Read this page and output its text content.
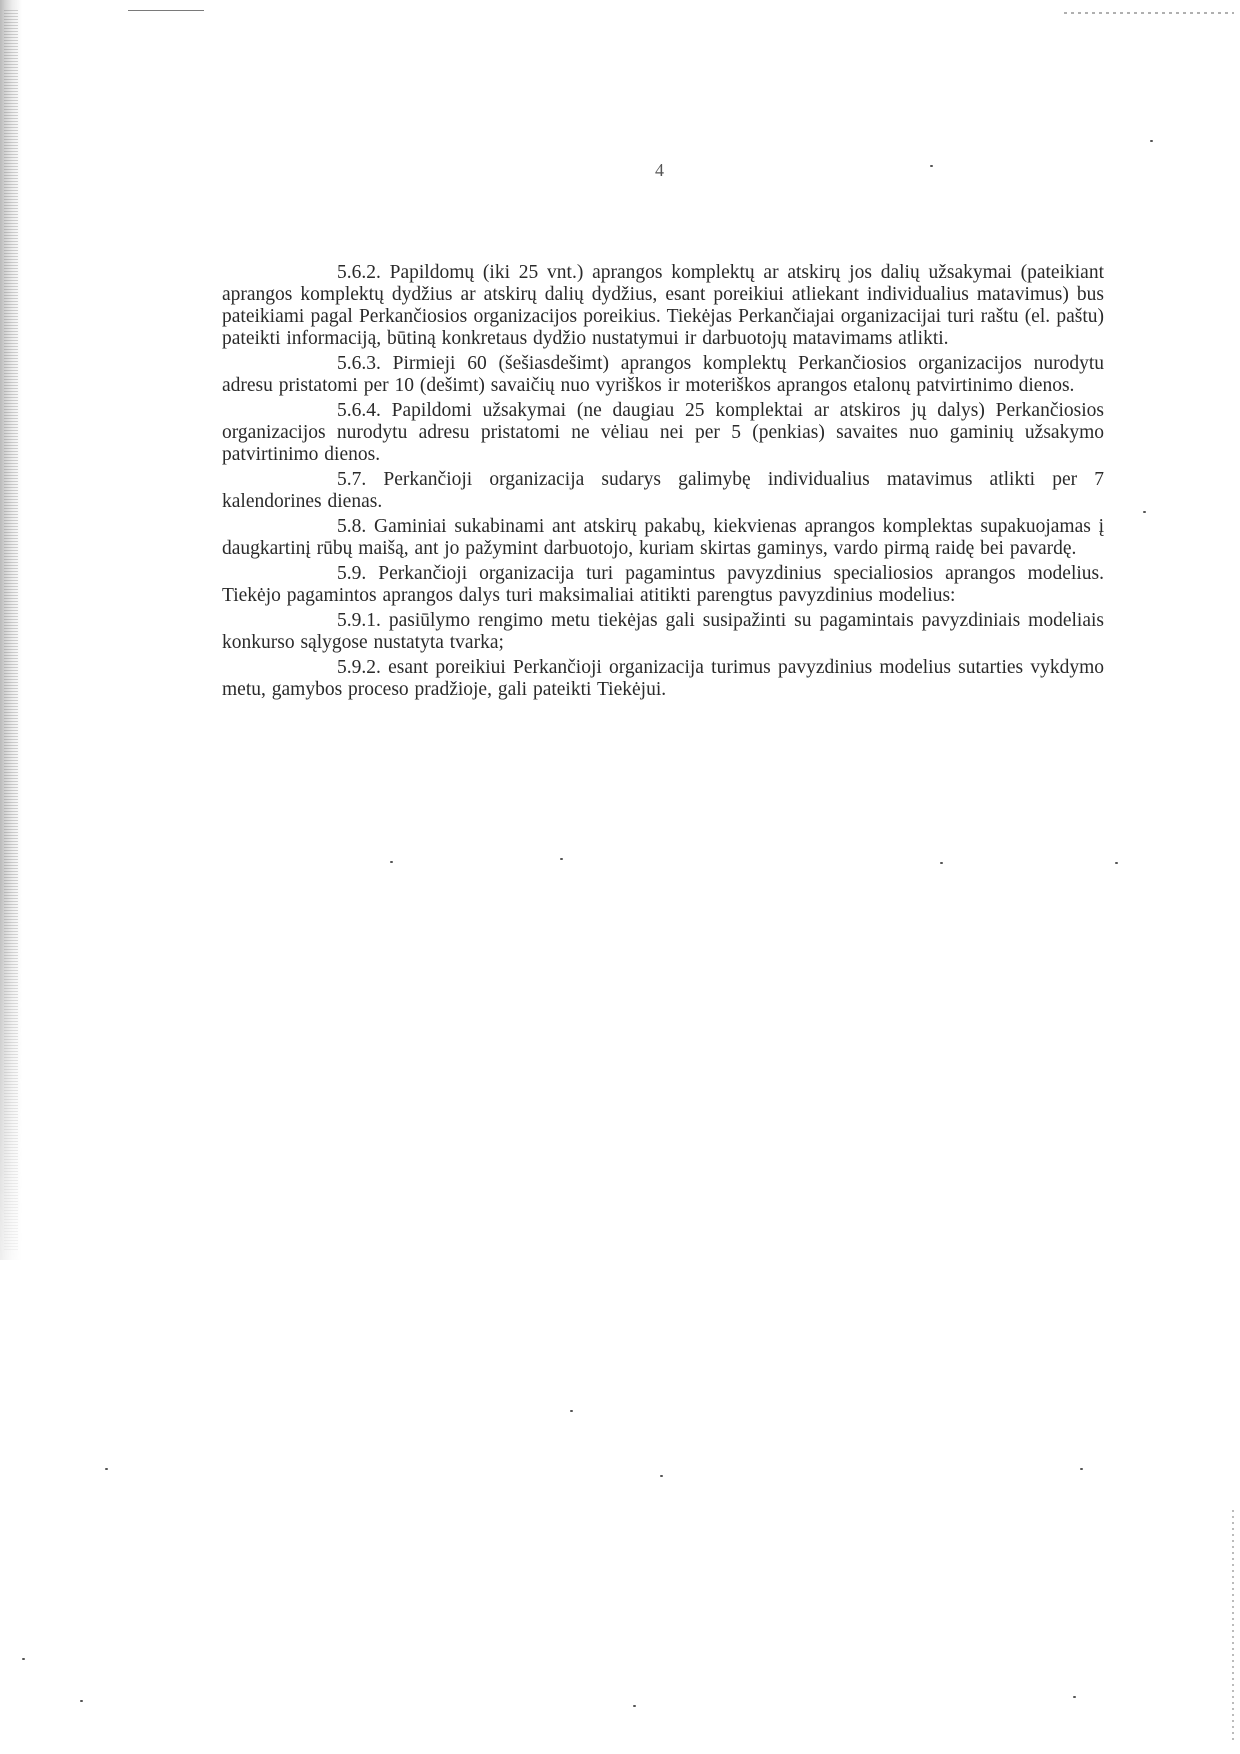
4

5.6.2. Papildomų (iki 25 vnt.) aprangos komplektų ar atskirų jos dalių užsakymai (pateikiant aprangos komplektų dydžius ar atskirų dalių dydžius, esant poreikiui atliekant individualius matavimus) bus pateikiami pagal Perkančiosios organizacijos poreikius. Tiekėjas Perkančiajai organizacijai turi raštu (el. paštu) pateikti informaciją, būtiną konkretaus dydžio nustatymui ir darbuotojų matavimams atlikti.

5.6.3. Pirmieji 60 (šešiasdešimt) aprangos komplektų Perkančiosios organizacijos nurodytu adresu pristatomi per 10 (dešimt) savaičių nuo vyriškos ir moteriškos aprangos etalonų patvirtinimo dienos.

5.6.4. Papildomi užsakymai (ne daugiau 25 komplektai ar atskiros jų dalys) Perkančiosios organizacijos nurodytu adresu pristatomi ne vėliau nei per 5 (penkias) savaites nuo gaminių užsakymo patvirtinimo dienos.

5.7. Perkančioji organizacija sudarys galimybę individualius matavimus atlikti per 7 kalendorines dienas.

5.8. Gaminiai sukabinami ant atskirų pakabų, kiekvienas aprangos komplektas supakuojamas į daugkartinį rūbų maišą, ant jo pažymint darbuotojo, kuriam skirtas gaminys, vardo pirmą raidę bei pavardę.

5.9. Perkančioji organizacija turi pagamintus pavyzdinius specialiosios aprangos modelius. Tiekėjo pagamintos aprangos dalys turi maksimaliai atitikti parengtus pavyzdinius modelius:

5.9.1. pasiūlymo rengimo metu tiekėjas gali susipažinti su pagamintais pavyzdiniais modeliais konkurso sąlygose nustatyta tvarka;

5.9.2. esant poreikiui Perkančioji organizacija turimus pavyzdinius modelius sutarties vykdymo metu, gamybos proceso pradžioje, gali pateikti Tiekėjui.
